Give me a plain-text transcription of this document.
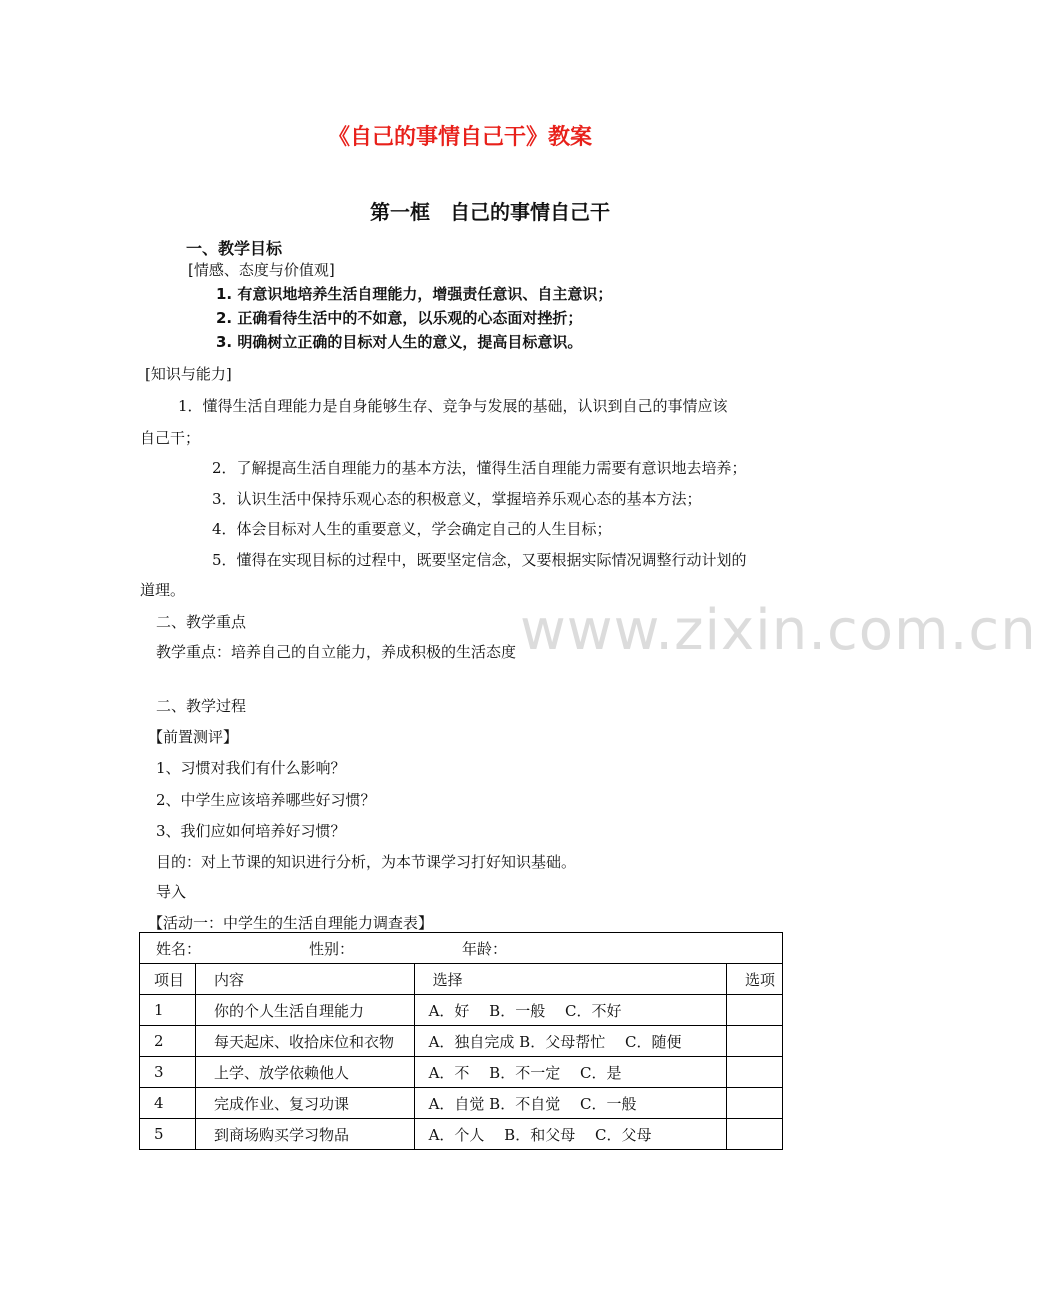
《自己的事情自己干》教案
第一框　自己的事情自己干
一、教学目标
[情感、态度与价值观]
1. 有意识地培养生活自理能力，增强责任意识、自主意识；
2. 正确看待生活中的不如意，以乐观的心态面对挫折；
3. 明确树立正确的目标对人生的意义，提高目标意识。
[知识与能力]
1．懂得生活自理能力是自身能够生存、竞争与发展的基础，认识到自己的事情应该
自己干；
2．了解提高生活自理能力的基本方法，懂得生活自理能力需要有意识地去培养；
3．认识生活中保持乐观心态的积极意义，掌握培养乐观心态的基本方法；
4．体会目标对人生的重要意义，学会确定自己的人生目标；
5．懂得在实现目标的过程中，既要坚定信念，又要根据实际情况调整行动计划的
道理。
www.zixin.com.cn
二、教学重点
教学重点：培养自己的自立能力，养成积极的生活态度
二、教学过程
【前置测评】
1、习惯对我们有什么影响？
2、中学生应该培养哪些好习惯？
3、我们应如何培养好习惯？
目的：对上节课的知识进行分析，为本节课学习打好知识基础。
导入
【活动一：中学生的生活自理能力调查表】
姓名： 性别： 年龄：			
项目	内容	选择	选项
1	你的个人生活自理能力	A．好　 B．一般　 C．不好	
2	每天起床、收拾床位和衣物	A．独自完成 B．父母帮忙　 C．随便	
3	上学、放学依赖他人	A．不　 B．不一定　 C．是	
4	完成作业、复习功课	A．自觉 B．不自觉　 C．一般	
5	到商场购买学习物品	A．个人　 B．和父母　 C．父母	
